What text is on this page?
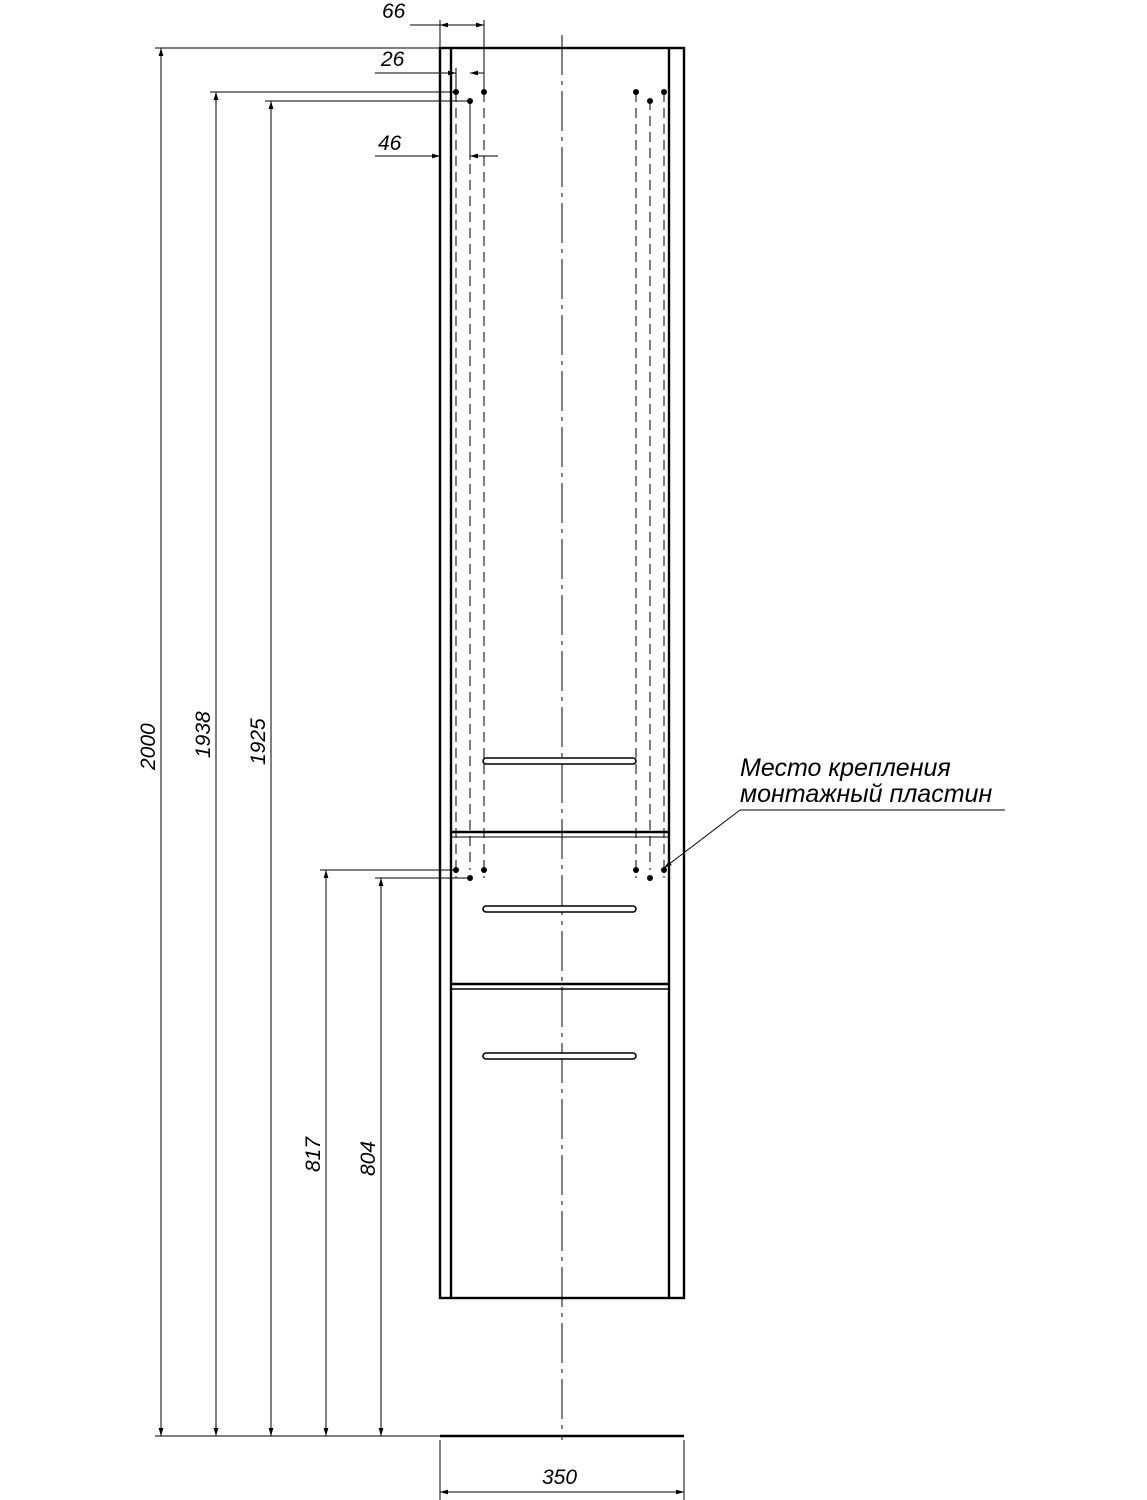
66
26
46
2000 1938 1925
817 804
350
Место крепления
монтажный пластин
